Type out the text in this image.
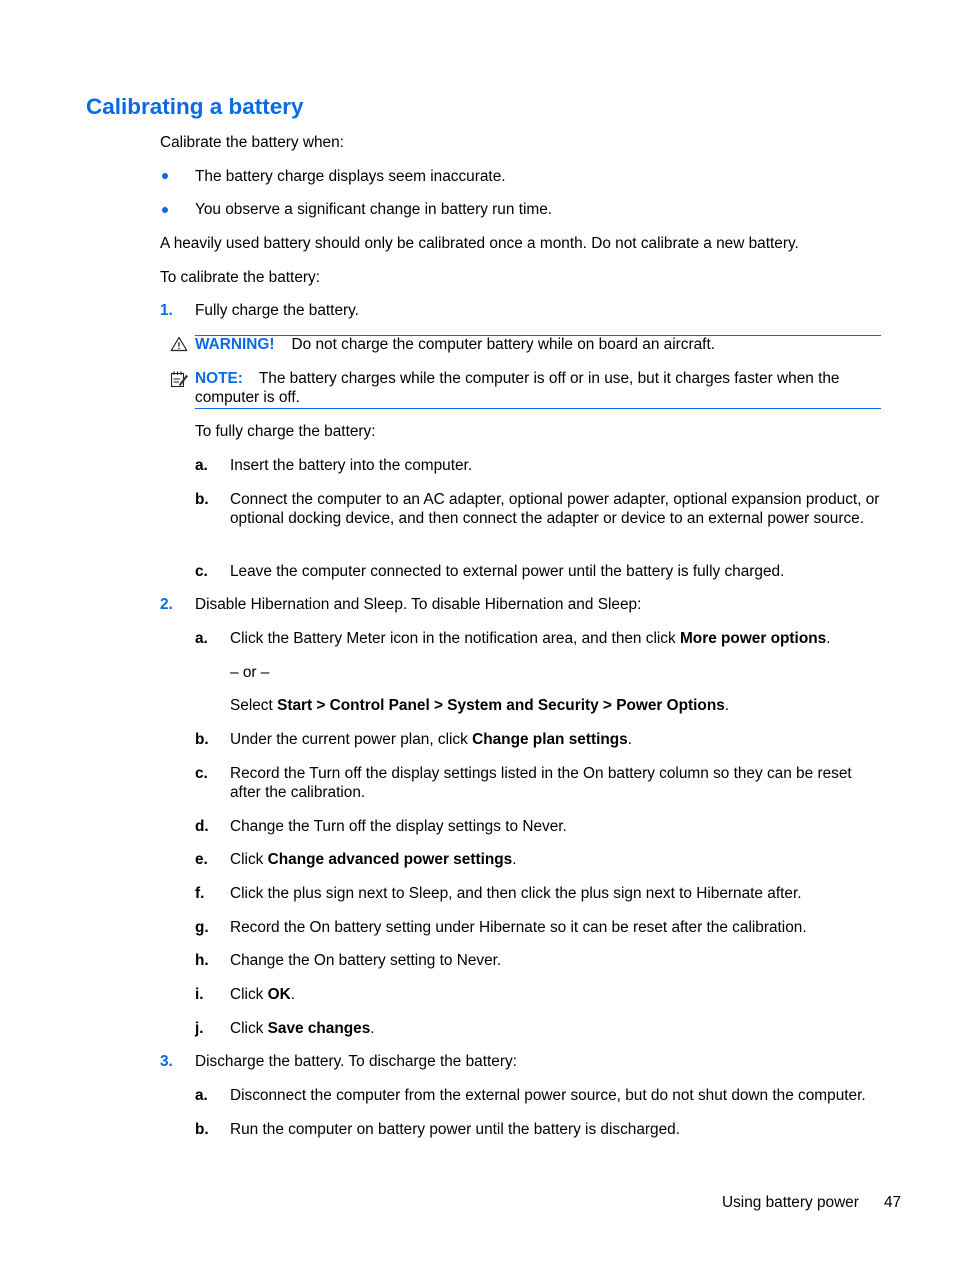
Calibrating a battery
Calibrate the battery when:
The battery charge displays seem inaccurate.
You observe a significant change in battery run time.
A heavily used battery should only be calibrated once a month. Do not calibrate a new battery.
To calibrate the battery:
1. Fully charge the battery.
WARNING! Do not charge the computer battery while on board an aircraft.
NOTE: The battery charges while the computer is off or in use, but it charges faster when the computer is off.
To fully charge the battery:
a. Insert the battery into the computer.
b. Connect the computer to an AC adapter, optional power adapter, optional expansion product, or optional docking device, and then connect the adapter or device to an external power source.
c. Leave the computer connected to external power until the battery is fully charged.
2. Disable Hibernation and Sleep. To disable Hibernation and Sleep:
a. Click the Battery Meter icon in the notification area, and then click More power options.
– or –
Select Start > Control Panel > System and Security > Power Options.
b. Under the current power plan, click Change plan settings.
c. Record the Turn off the display settings listed in the On battery column so they can be reset after the calibration.
d. Change the Turn off the display settings to Never.
e. Click Change advanced power settings.
f. Click the plus sign next to Sleep, and then click the plus sign next to Hibernate after.
g. Record the On battery setting under Hibernate so it can be reset after the calibration.
h. Change the On battery setting to Never.
i. Click OK.
j. Click Save changes.
3. Discharge the battery. To discharge the battery:
a. Disconnect the computer from the external power source, but do not shut down the computer.
b. Run the computer on battery power until the battery is discharged.
Using battery power 47
